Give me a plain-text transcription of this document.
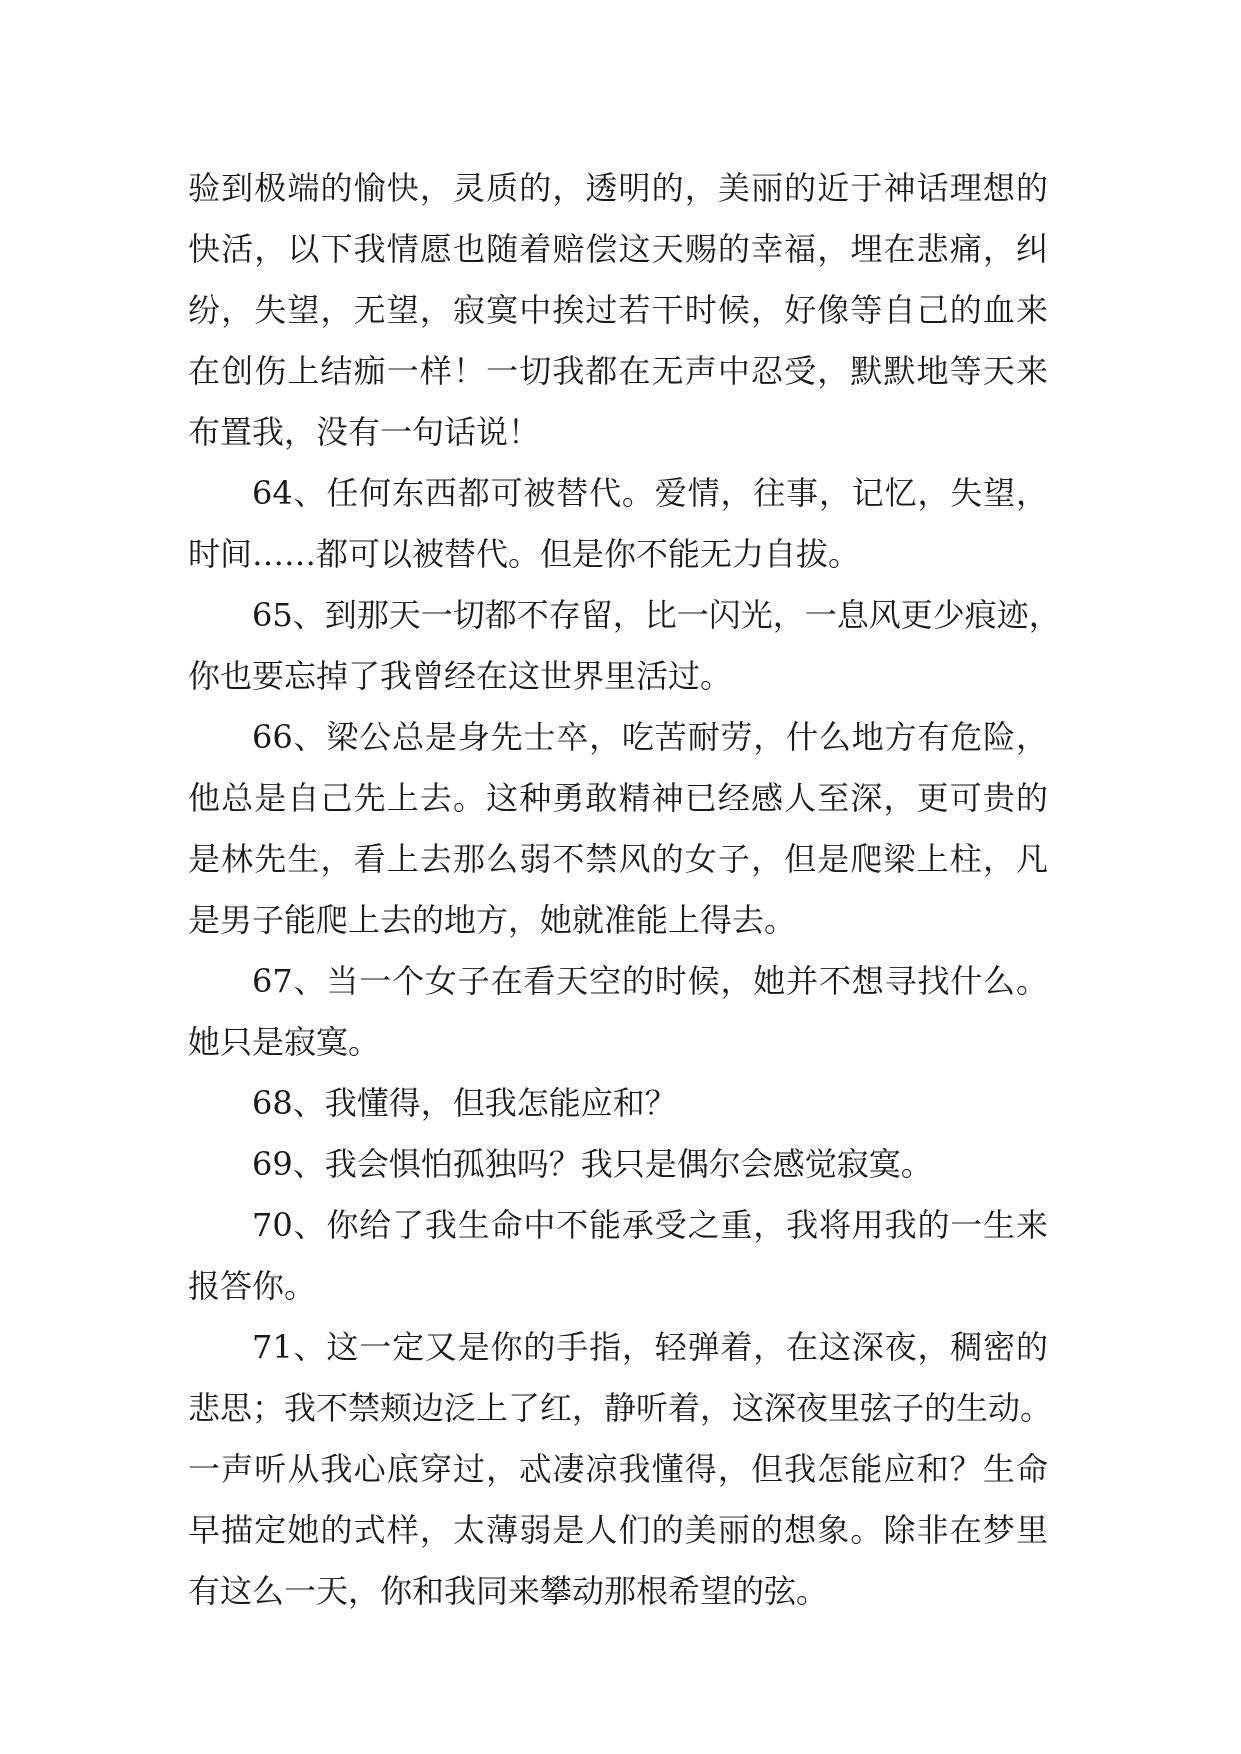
验到极端的愉快，灵质的，透明的，美丽的近于神话理想的
快活，以下我情愿也随着赔偿这天赐的幸福，埋在悲痛，纠
纷，失望，无望，寂寞中挨过若干时候，好像等自己的血来
在创伤上结痂一样！一切我都在无声中忍受，默默地等天来
布置我，没有一句话说！
64、任何东西都可被替代。爱情，往事，记忆，失望，
时间……都可以被替代。但是你不能无力自拔。
65、到那天一切都不存留，比一闪光，一息风更少痕迹，
你也要忘掉了我曾经在这世界里活过。
66、梁公总是身先士卒，吃苦耐劳，什么地方有危险，
他总是自己先上去。这种勇敢精神已经感人至深，更可贵的
是林先生，看上去那么弱不禁风的女子，但是爬梁上柱，凡
是男子能爬上去的地方，她就准能上得去。
67、当一个女子在看天空的时候，她并不想寻找什么。
她只是寂寞。
68、我懂得，但我怎能应和？
69、我会惧怕孤独吗？我只是偶尔会感觉寂寞。
70、你给了我生命中不能承受之重，我将用我的一生来
报答你。
71、这一定又是你的手指，轻弹着，在这深夜，稠密的
悲思；我不禁颊边泛上了红，静听着，这深夜里弦子的生动。
一声听从我心底穿过，忒凄凉我懂得，但我怎能应和？生命
早描定她的式样，太薄弱是人们的美丽的想象。除非在梦里
有这么一天，你和我同来攀动那根希望的弦。
